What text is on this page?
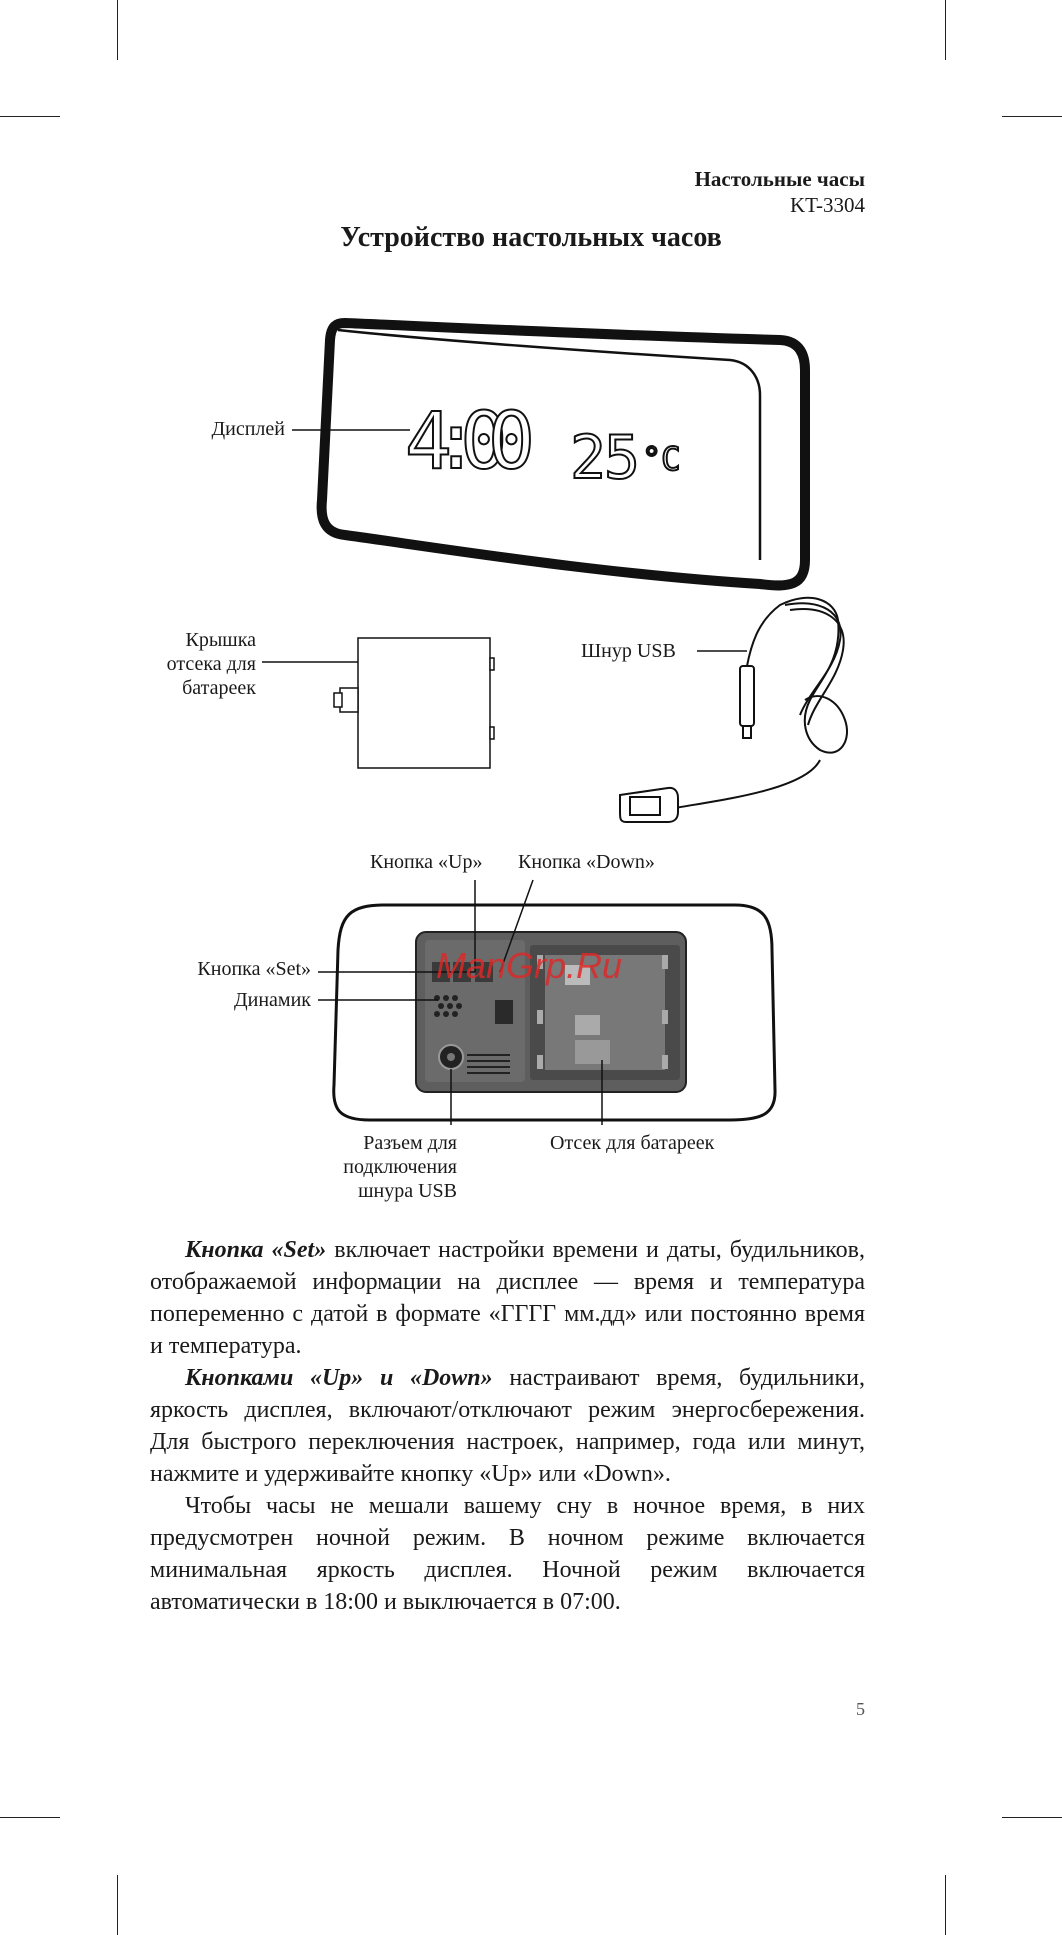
Настольные часы
KT-3304
Устройство настольных часов
4:00 25 °C
ManGrp.Ru
Дисплей
Крышка
отсека для
батареек
Шнур USB
Кнопка «Up» Кнопка «Down»
Кнопка «Set»
Динамик
Разъем для
подключения
шнура USB
Отсек для батареек

Кнопка «Set» включает настройки времени и даты, будильников, отображаемой информации на дисплее — время и температура попеременно с датой в формате «ГГГГ мм.дд» или постоянно время и температура.

Кнопками «Up» и «Down» настраивают время, будильники, яркость дисплея, включают/отключают режим энергосбережения. Для быстрого переключения настроек, например, года или минут, нажмите и удерживайте кнопку «Up» или «Down».

Чтобы часы не мешали вашему сну в ночное время, в них предусмотрен ночной режим. В ночном режиме включается минимальная яркость дисплея. Ночной режим включается автоматически в 18:00 и выключается в 07:00.

5
